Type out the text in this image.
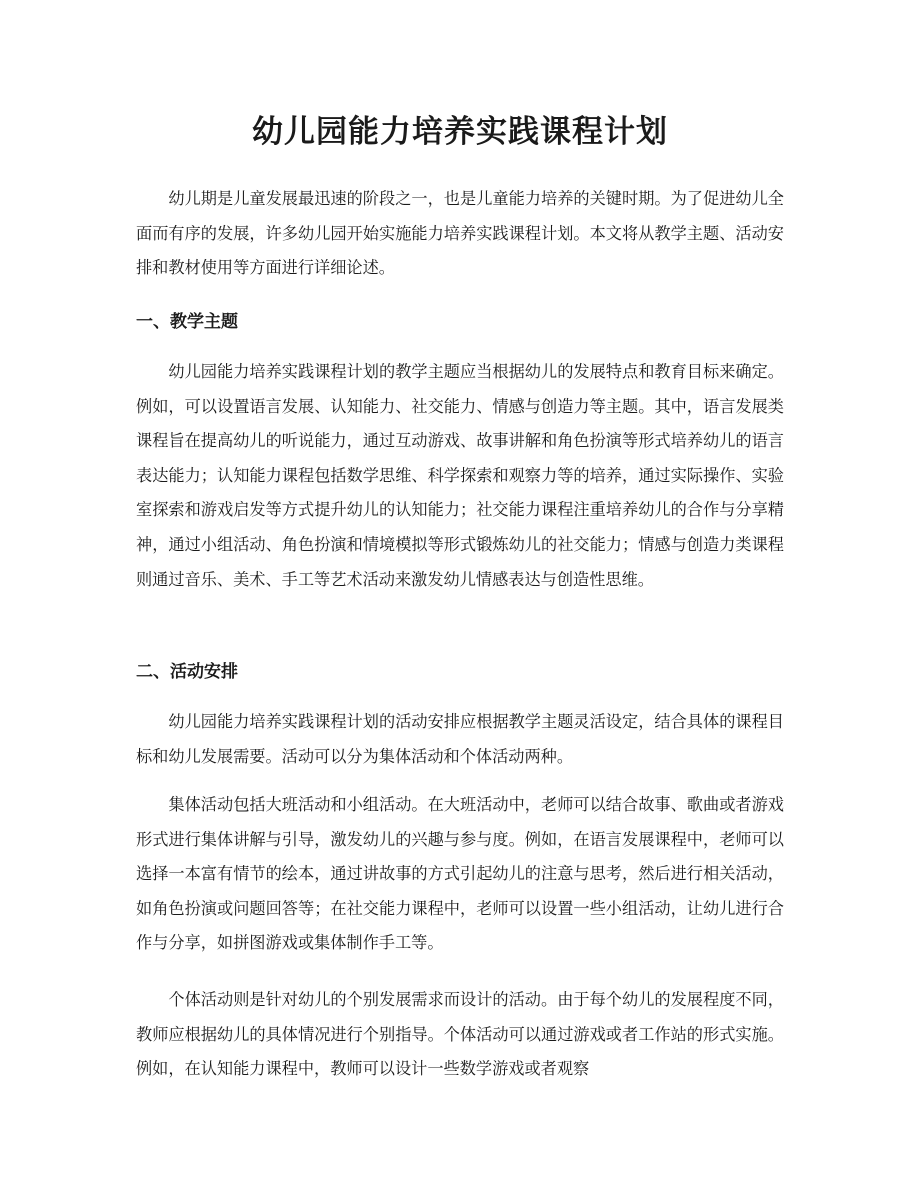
幼儿园能力培养实践课程计划

幼儿期是儿童发展最迅速的阶段之一，也是儿童能力培养的关键时期。为了促进幼儿全面而有序的发展，许多幼儿园开始实施能力培养实践课程计划。本文将从教学主题、活动安排和教材使用等方面进行详细论述。

一、教学主题

幼儿园能力培养实践课程计划的教学主题应当根据幼儿的发展特点和教育目标来确定。例如，可以设置语言发展、认知能力、社交能力、情感与创造力等主题。其中，语言发展类课程旨在提高幼儿的听说能力，通过互动游戏、故事讲解和角色扮演等形式培养幼儿的语言表达能力；认知能力课程包括数学思维、科学探索和观察力等的培养，通过实际操作、实验室探索和游戏启发等方式提升幼儿的认知能力；社交能力课程注重培养幼儿的合作与分享精神，通过小组活动、角色扮演和情境模拟等形式锻炼幼儿的社交能力；情感与创造力类课程则通过音乐、美术、手工等艺术活动来激发幼儿情感表达与创造性思维。

二、活动安排

幼儿园能力培养实践课程计划的活动安排应根据教学主题灵活设定，结合具体的课程目标和幼儿发展需要。活动可以分为集体活动和个体活动两种。

集体活动包括大班活动和小组活动。在大班活动中，老师可以结合故事、歌曲或者游戏形式进行集体讲解与引导，激发幼儿的兴趣与参与度。例如，在语言发展课程中，老师可以选择一本富有情节的绘本，通过讲故事的方式引起幼儿的注意与思考，然后进行相关活动，如角色扮演或问题回答等；在社交能力课程中，老师可以设置一些小组活动，让幼儿进行合作与分享，如拼图游戏或集体制作手工等。

个体活动则是针对幼儿的个别发展需求而设计的活动。由于每个幼儿的发展程度不同，教师应根据幼儿的具体情况进行个别指导。个体活动可以通过游戏或者工作站的形式实施。例如，在认知能力课程中，教师可以设计一些数学游戏或者观察
